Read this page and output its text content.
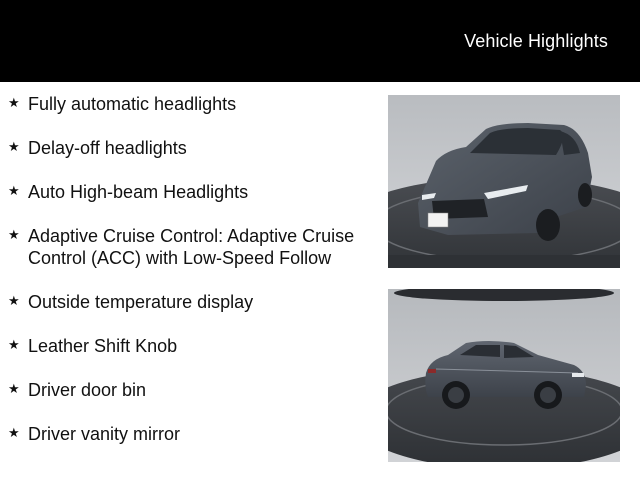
Vehicle Highlights
★ Fully automatic headlights
★ Delay-off headlights
★ Auto High-beam Headlights
★ Adaptive Cruise Control: Adaptive Cruise Control (ACC) with Low-Speed Follow
★ Outside temperature display
★ Leather Shift Knob
★ Driver door bin
★ Driver vanity mirror
